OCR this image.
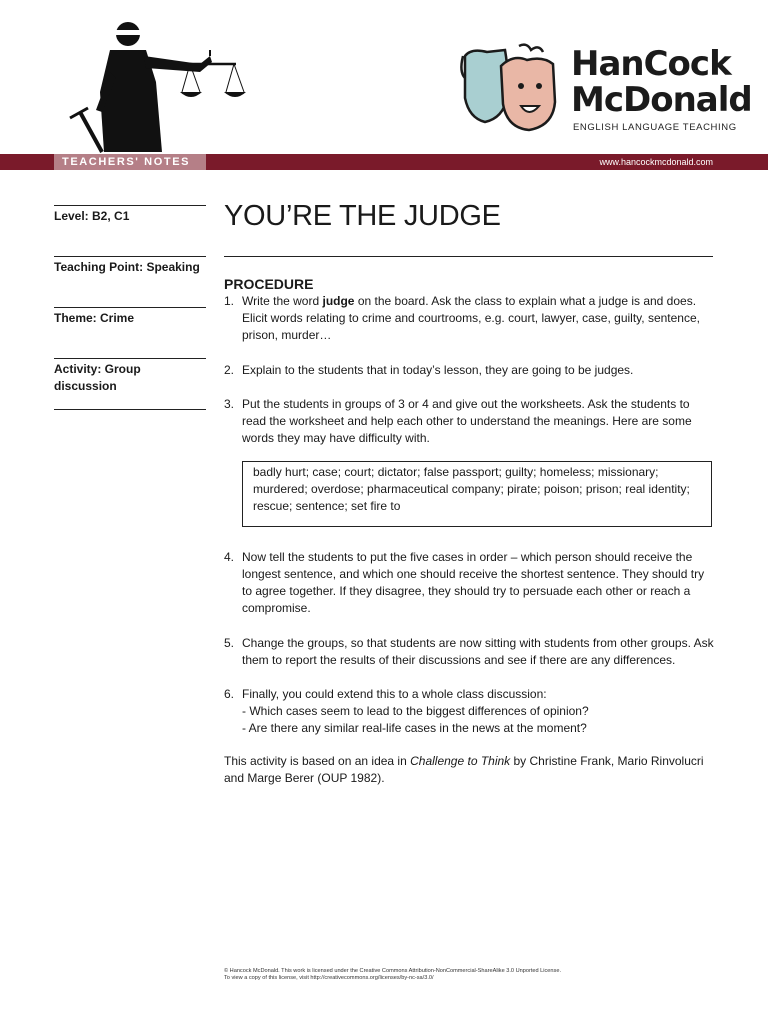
HanCock
McDonald
ENGLISH LANGUAGE TEACHING
TEACHERS' NOTES	www.hancockmcdonald.com
Level: B2, C1
Teaching Point: Speaking
Theme: Crime
Activity: Group discussion
YOU’RE THE JUDGE
PROCEDURE
1. Write the word judge on the board. Ask the class to explain what a judge is and does. Elicit words relating to crime and courtrooms, e.g. court, lawyer, case, guilty, sentence, prison, murder…
2. Explain to the students that in today’s lesson, they are going to be judges.
3. Put the students in groups of 3 or 4 and give out the worksheets. Ask the students to read the worksheet and help each other to understand the meanings. Here are some words they may have difficulty with.
badly hurt; case; court; dictator; false passport; guilty; homeless; missionary; murdered; overdose; pharmaceutical company; pirate; poison; prison; real identity; rescue; sentence; set fire to
4. Now tell the students to put the five cases in order – which person should receive the longest sentence, and which one should receive the shortest sentence. They should try to agree together. If they disagree, they should try to persuade each other or reach a compromise.
5. Change the groups, so that students are now sitting with students from other groups. Ask them to report the results of their discussions and see if there are any differences.
6. Finally, you could extend this to a whole class discussion:
- Which cases seem to lead to the biggest differences of opinion?
- Are there any similar real-life cases in the news at the moment?
This activity is based on an idea in Challenge to Think by Christine Frank, Mario Rinvolucri and Marge Berer (OUP 1982).
© Hancock McDonald. This work is licensed under the Creative Commons Attribution-NonCommercial-ShareAlike 3.0 Unported License. To view a copy of this license, visit http://creativecommons.org/licenses/by-nc-sa/3.0/
